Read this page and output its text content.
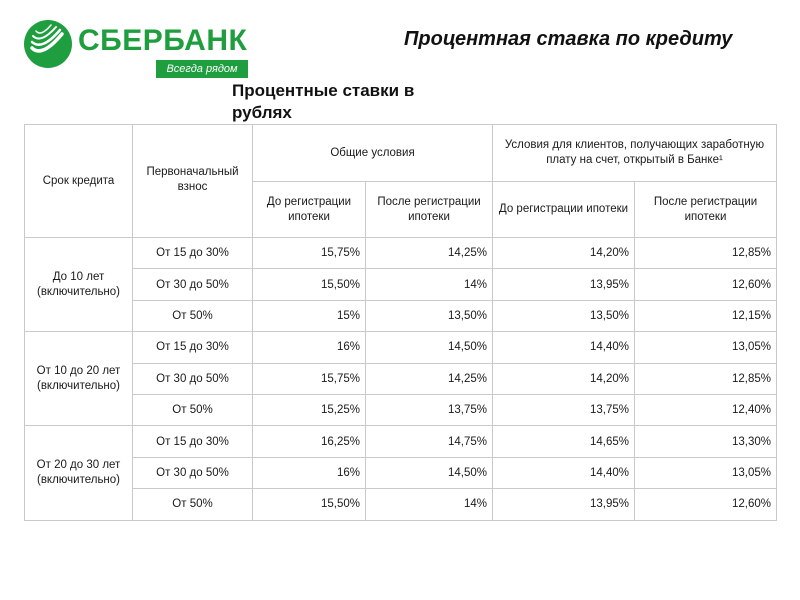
СБЕРБАНК
Всегда рядом
Процентная ставка по кредиту
Процентные ставки в рублях
Срок кредита	Первоначальный взнос	Общие условия		Условия для клиентов, получающих заработную плату на счет, открытый в Банке¹	
		До регистрации ипотеки	После регистрации ипотеки	До регистрации ипотеки	После регистрации ипотеки
До 10 лет (включительно)	От 15 до 30%	15,75%	14,25%	14,20%	12,85%
	От 30 до 50%	15,50%	14%	13,95%	12,60%
	От 50%	15%	13,50%	13,50%	12,15%
От 10 до 20 лет (включительно)	От 15 до 30%	16%	14,50%	14,40%	13,05%
	От 30 до 50%	15,75%	14,25%	14,20%	12,85%
	От 50%	15,25%	13,75%	13,75%	12,40%
От 20 до 30 лет (включительно)	От 15 до 30%	16,25%	14,75%	14,65%	13,30%
	От 30 до 50%	16%	14,50%	14,40%	13,05%
	От 50%	15,50%	14%	13,95%	12,60%
